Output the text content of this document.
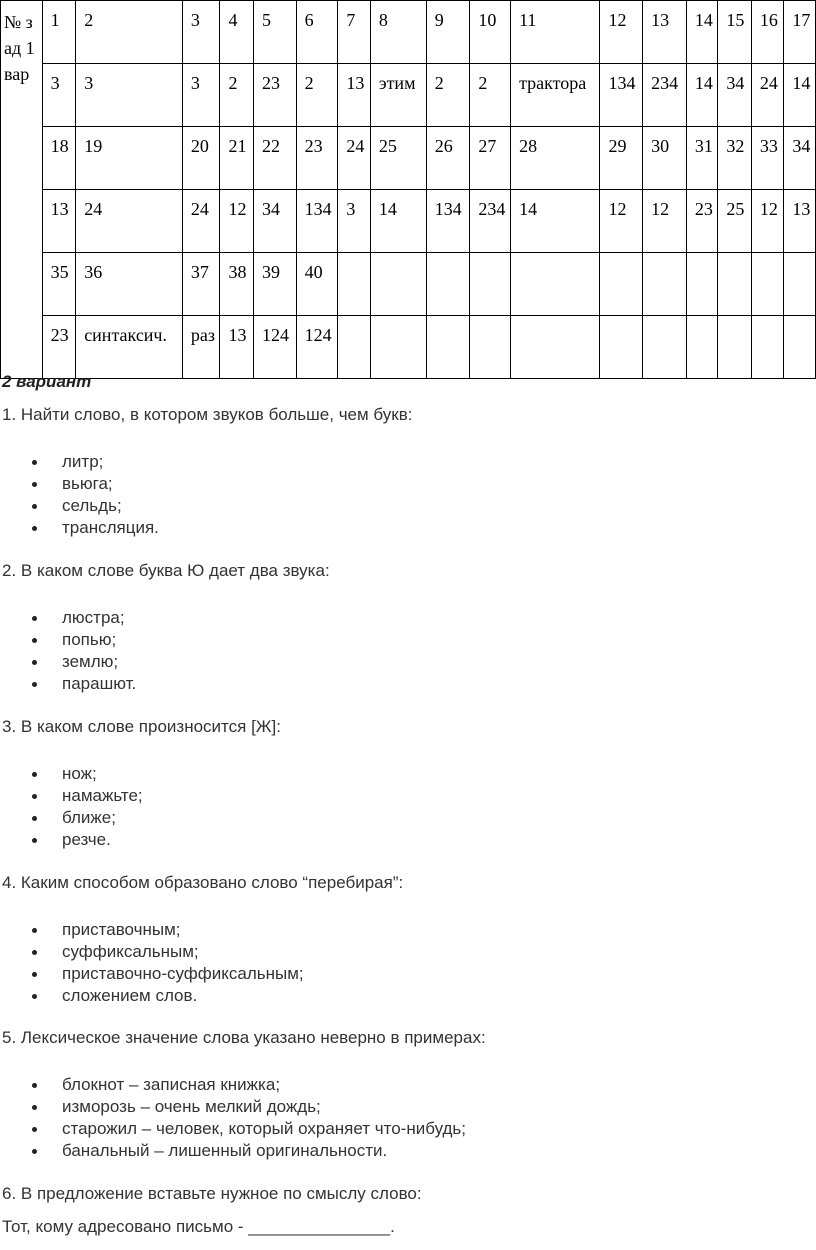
№ зад 1 вар	1	2	3	4	5	6	7	8	9	10	11	12	13	14	15	16	17
	3	3	3	2	23	2	13	этим	2	2	трактора	134	234	14	34	24	14
	18	19	20	21	22	23	24	25	26	27	28	29	30	31	32	33	34
	13	24	24	12	34	134	3	14	134	234	14	12	12	23	25	12	13
	35	36	37	38	39	40											
	23	синтаксич.	раз	13	124	124											
2 вариант
1. Найти слово, в котором звуков больше, чем букв:
литр;
вьюга;
сельдь;
трансляция.
2. В каком слове буква Ю дает два звука:
люстра;
попью;
землю;
парашют.
3. В каком слове произносится [Ж]:
нож;
намажьте;
ближе;
резче.
4. Каким способом образовано слово “перебирая”:
приставочным;
суффиксальным;
приставочно-суффиксальным;
сложением слов.
5. Лексическое значение слова указано неверно в примерах:
блокнот – записная книжка;
изморозь – очень мелкий дождь;
старожил – человек, который охраняет что-нибудь;
банальный – лишенный оригинальности.
6. В предложение вставьте нужное по смыслу слово:
Тот, кому адресовано письмо - _______________.
